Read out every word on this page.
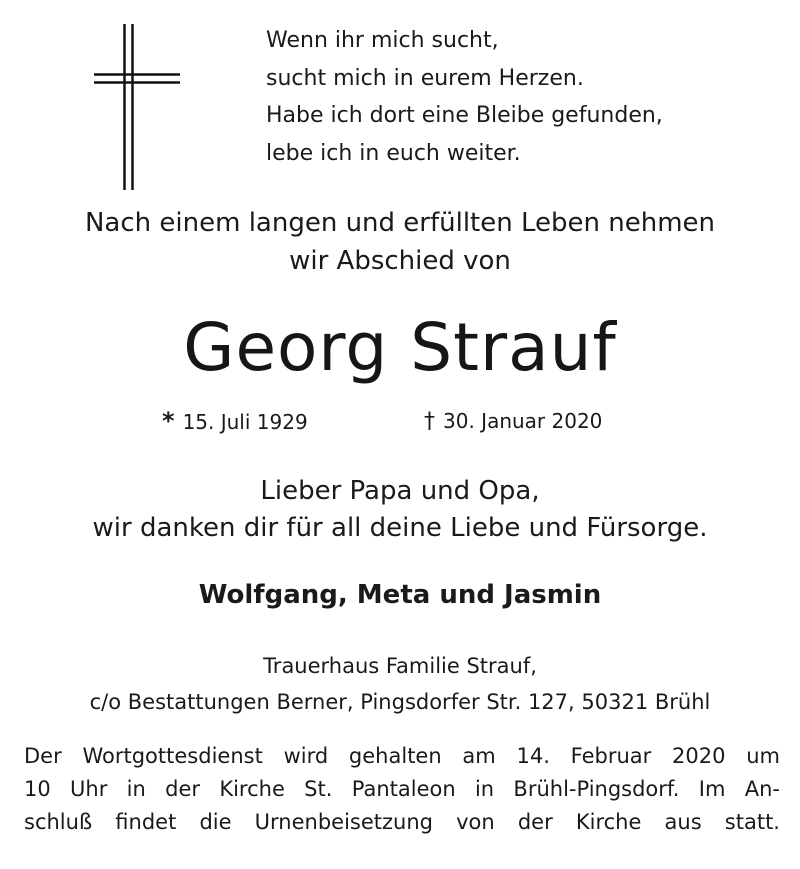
Wenn ihr mich sucht,
sucht mich in eurem Herzen.
Habe ich dort eine Bleibe gefunden,
lebe ich in euch weiter.
Nach einem langen und erfüllten Leben nehmen
wir Abschied von
Georg Strauf
* 15. Juli 1929	† 30. Januar 2020
Lieber Papa und Opa,
wir danken dir für all deine Liebe und Fürsorge.
Wolfgang, Meta und Jasmin
Trauerhaus Familie Strauf,
c/o Bestattungen Berner, Pingsdorfer Str. 127, 50321 Brühl
Der Wortgottesdienst wird gehalten am 14. Februar 2020 um
10 Uhr in der Kirche St. Pantaleon in Brühl-Pingsdorf. Im An-
schluß findet die Urnenbeisetzung von der Kirche aus statt.
